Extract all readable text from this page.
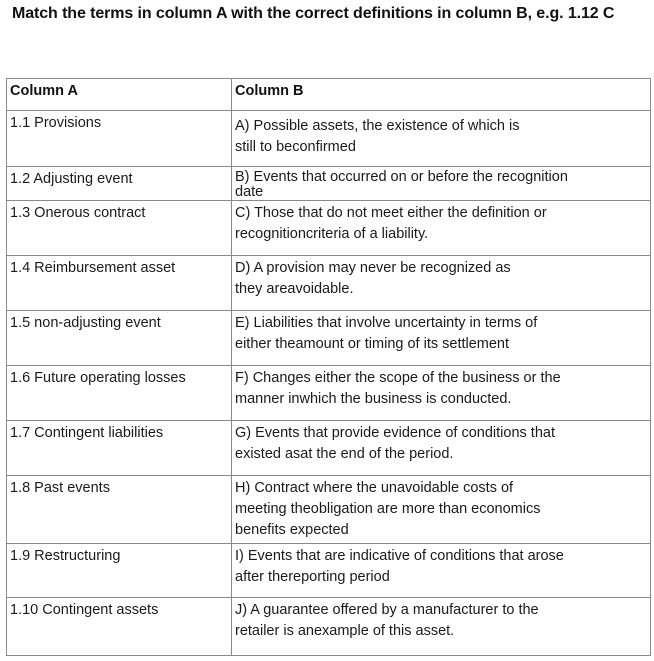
Match the terms in column A with the correct definitions in column B, e.g. 1.12 C
Column A	Column B
1.1 Provisions	A) Possible assets, the existence of which is
still to beconfirmed

1.2 Adjusting event	B) Events that occurred on or before the recognition
date

1.3 Onerous contract	C) Those that do not meet either the definition or
recognitioncriteria of a liability.

1.4 Reimbursement asset	D) A provision may never be recognized as
they areavoidable.

1.5 non-adjusting event	E) Liabilities that involve uncertainty in terms of
either theamount or timing of its settlement

1.6 Future operating losses	F) Changes either the scope of the business or the
manner inwhich the business is conducted.

1.7 Contingent liabilities	G) Events that provide evidence of conditions that
existed asat the end of the period.

1.8 Past events	H) Contract where the unavoidable costs of
meeting theobligation are more than economics
benefits expected

1.9 Restructuring	I) Events that are indicative of conditions that arose
after thereporting period

1.10 Contingent assets	J) A guarantee offered by a manufacturer to the
retailer is anexample of this asset.
